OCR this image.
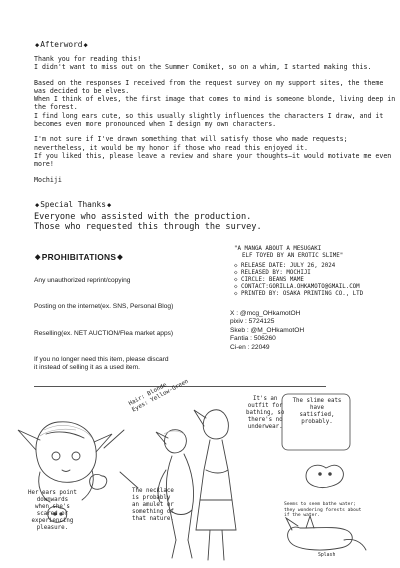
◆ Afterword ◆

Thank you for reading this!
I didn't want to miss out on the Summer Comiket, so on a whim, I started making this.

Based on the responses I received from the request survey on my support sites, the theme was decided to be elves.
When I think of elves, the first image that comes to mind is someone blonde, living deep in the forest.
I find long ears cute, so this usually slightly influences the characters I draw, and it becomes even more pronounced when I design my own characters.

I'm not sure if I've drawn something that will satisfy those who made requests;
nevertheless, it would be my honor if those who read this enjoyed it.
If you liked this, please leave a review and share your thoughts—it would motivate me even more!

Mochiji

◆ Special Thanks ◆
Everyone who assisted with the production.
Those who requested this through the survey.
◆ PROHIBITATIONS ◆
Any unauthorized reprint/copying
Posting on the internet(ex. SNS, Personal Blog)
Reselling(ex. NET AUCTION/Flea market apps)
If you no longer need this item, please discard
it instead of selling it as a used item.
"A MANGA ABOUT A MESUGAKI
ELF TOYED BY AN EROTIC SLIME"
◇ RELEASE DATE: JULY 26, 2024
◇ RELEASED BY: MOCHIJI
◇ CIRCLE: BEANS MAME
◇ CONTACT:GORILLA.OHKAMOTO@GMAIL.COM
◇ PRINTED BY: OSAKA PRINTING CO., LTD
X : @mcg_OHkamotOH
pixiv : 5724125
Skeb : @M_OHkamotOH
Fantia : 506260
Ci-en : 22049
Hair: Blonde
Eyes: Yellow-Green
Her ears point
downwards
when she's
scared or
experiencing
pleasure.
The necklace
is probably
an amulet or
something of
that nature.
It's an
outfit for
bathing, so
there's no
underwear.
The slime eats
have
satisfied,
probably.
Seems to seem bathe water;
they wondering forests about
if the water.
Splash
